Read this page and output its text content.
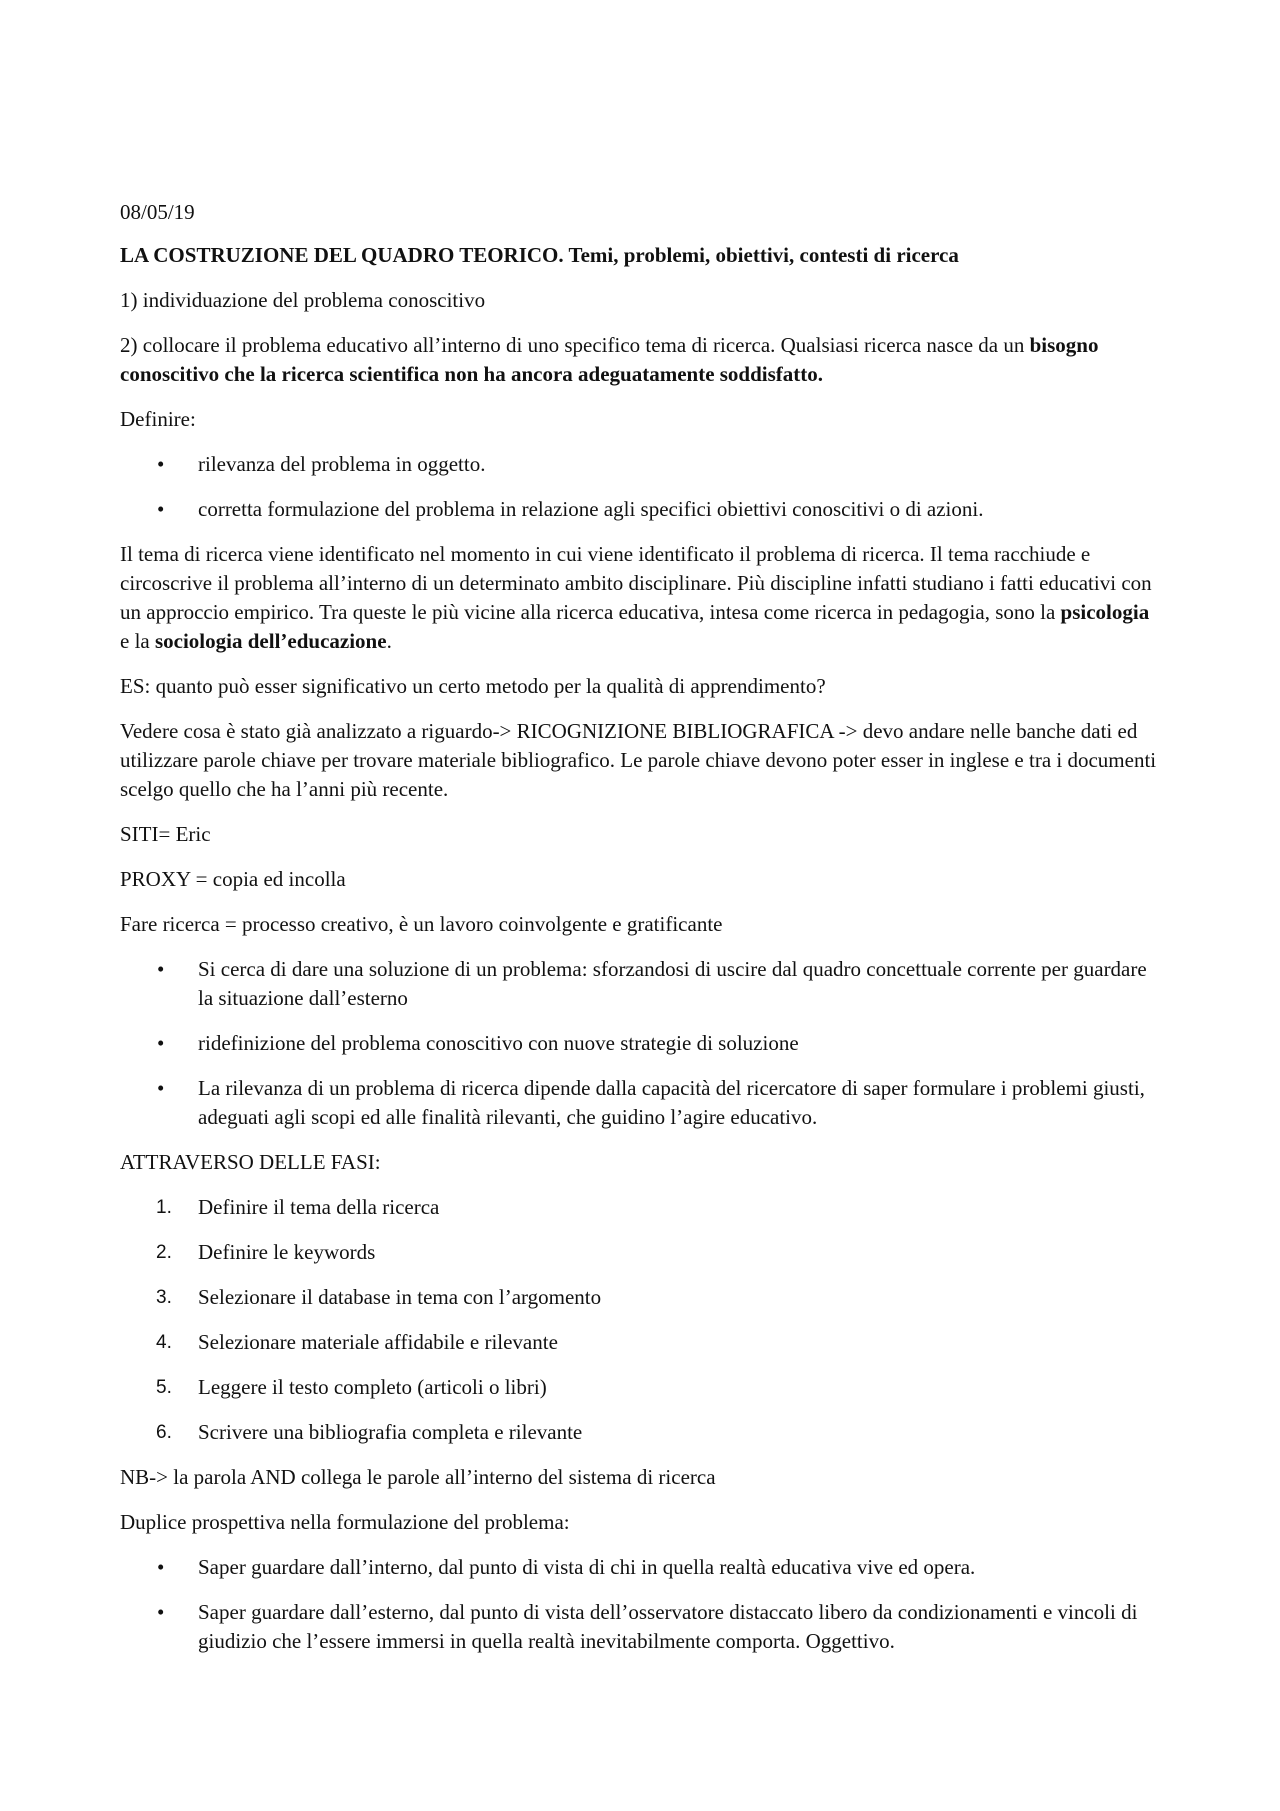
08/05/19

LA COSTRUZIONE DEL QUADRO TEORICO. Temi, problemi, obiettivi, contesti di ricerca

1) individuazione del problema conoscitivo

2) collocare il problema educativo all’interno di uno specifico tema di ricerca. Qualsiasi ricerca nasce da un bisogno conoscitivo che la ricerca scientifica non ha ancora adeguatamente soddisfatto.

Definire:

•	rilevanza del problema in oggetto.
•	corretta formulazione del problema in relazione agli specifici obiettivi conoscitivi o di azioni.

Il tema di ricerca viene identificato nel momento in cui viene identificato il problema di ricerca. Il tema racchiude e circoscrive il problema all’interno di un determinato ambito disciplinare. Più discipline infatti studiano i fatti educativi con un approccio empirico. Tra queste le più vicine alla ricerca educativa, intesa come ricerca in pedagogia, sono la psicologia e la sociologia dell’educazione.

ES: quanto può esser significativo un certo metodo per la qualità di apprendimento?

Vedere cosa è stato già analizzato a riguardo-> RICOGNIZIONE BIBLIOGRAFICA -> devo andare nelle banche dati ed utilizzare parole chiave per trovare materiale bibliografico. Le parole chiave devono poter esser in inglese e tra i documenti scelgo quello che ha l’anni più recente.

SITI= Eric

PROXY = copia ed incolla

Fare ricerca = processo creativo, è un lavoro coinvolgente e gratificante

•	Si cerca di dare una soluzione di un problema: sforzandosi di uscire dal quadro concettuale corrente per guardare la situazione dall’esterno
•	ridefinizione del problema conoscitivo con nuove strategie di soluzione
•	La rilevanza di un problema di ricerca dipende dalla capacità del ricercatore di saper formulare i problemi giusti, adeguati agli scopi ed alle finalità rilevanti, che guidino l’agire educativo.

ATTRAVERSO DELLE FASI:

1.	Definire il tema della ricerca
2.	Definire le keywords
3.	Selezionare il database in tema con l’argomento
4.	Selezionare materiale affidabile e rilevante
5.	Leggere il testo completo (articoli o libri)
6.	Scrivere una bibliografia completa e rilevante

NB-> la parola AND collega le parole all’interno del sistema di ricerca

Duplice prospettiva nella formulazione del problema:

•	Saper guardare dall’interno, dal punto di vista di chi in quella realtà educativa vive ed opera.
•	Saper guardare dall’esterno, dal punto di vista dell’osservatore distaccato libero da condizionamenti e vincoli di giudizio che l’essere immersi in quella realtà inevitabilmente comporta. Oggettivo.
